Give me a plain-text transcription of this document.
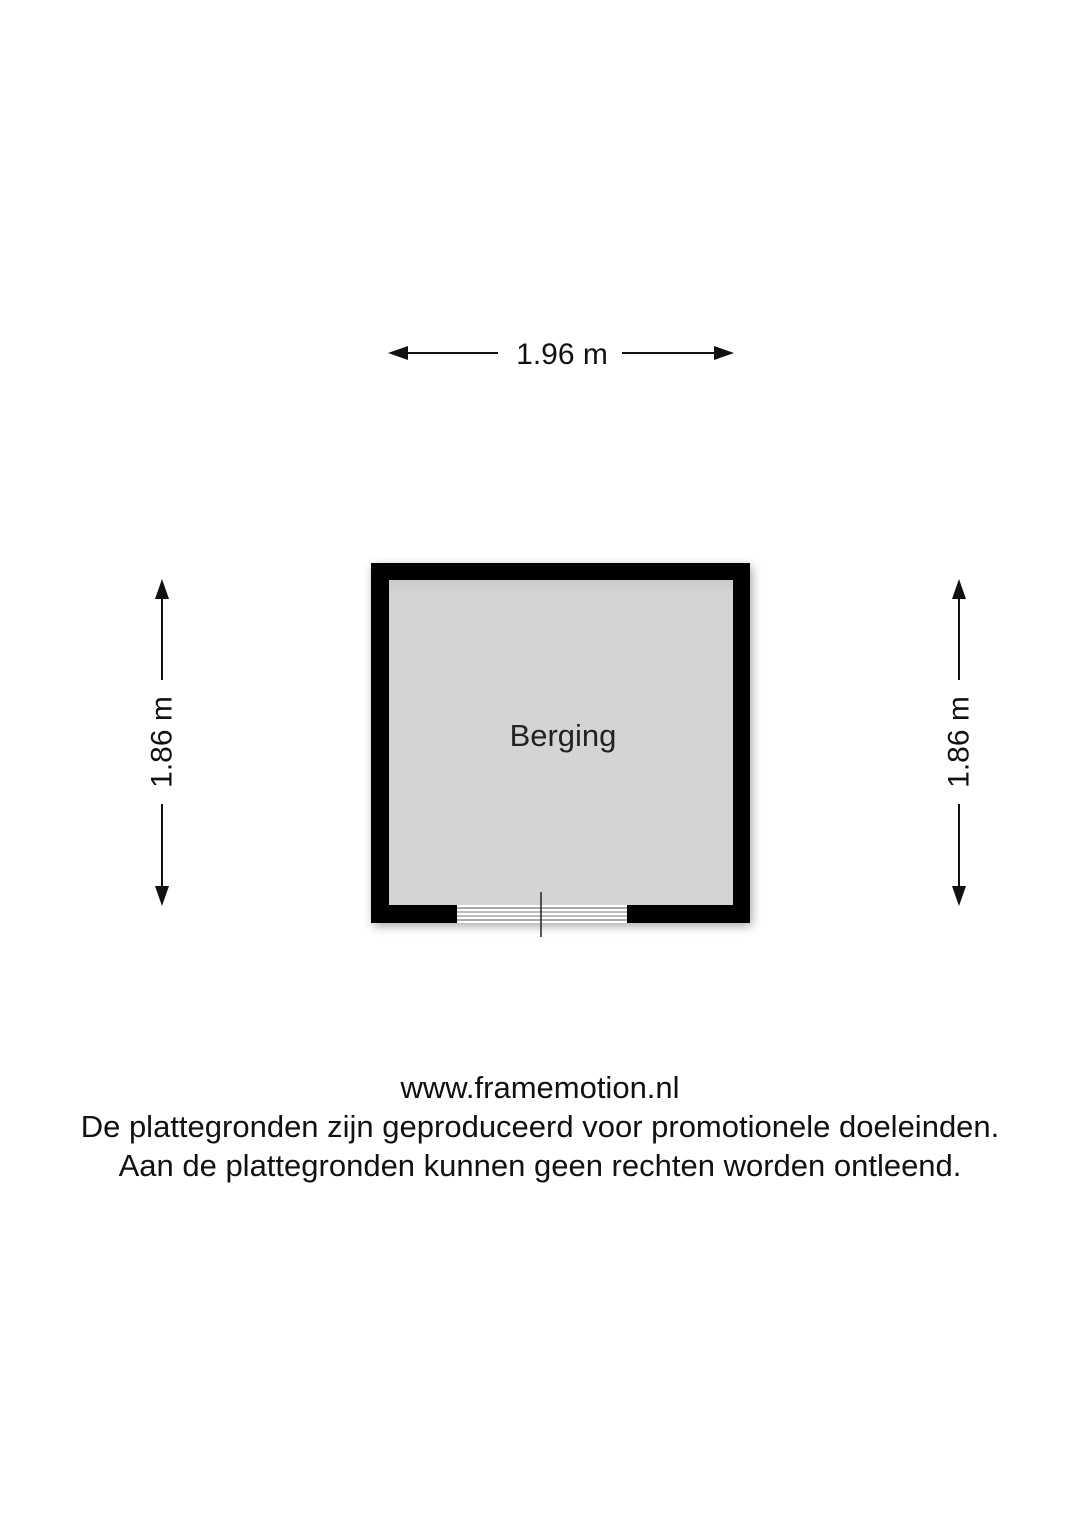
1.96 m
1.86 m	1.86 m
Berging
www.framemotion.nl
De plattegronden zijn geproduceerd voor promotionele doeleinden.
Aan de plattegronden kunnen geen rechten worden ontleend.
